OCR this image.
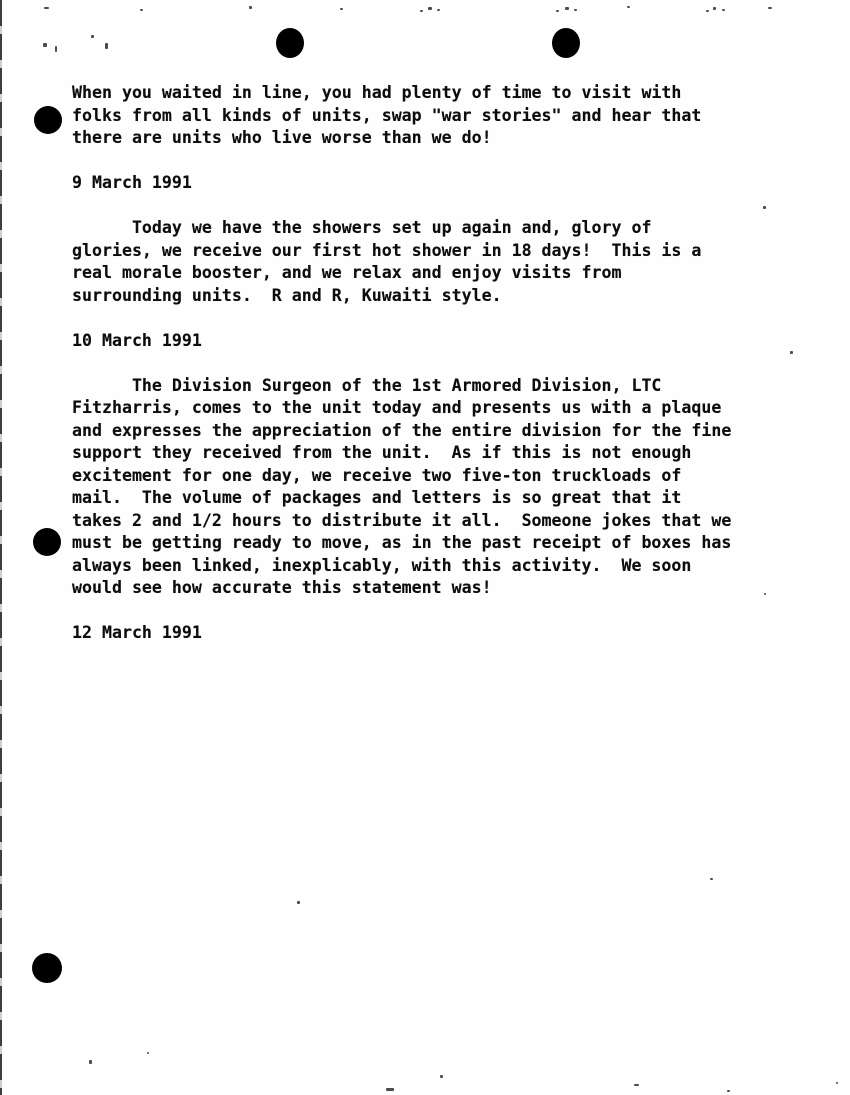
When you waited in line, you had plenty of time to visit with
folks from all kinds of units, swap "war stories" and hear that
there are units who live worse than we do!
9 March 1991
Today we have the showers set up again and, glory of
glories, we receive our first hot shower in 18 days!  This is a
real morale booster, and we relax and enjoy visits from
surrounding units.  R and R, Kuwaiti style.
10 March 1991
The Division Surgeon of the 1st Armored Division, LTC
Fitzharris, comes to the unit today and presents us with a plaque
and expresses the appreciation of the entire division for the fine
support they received from the unit.  As if this is not enough
excitement for one day, we receive two five-ton truckloads of
mail.  The volume of packages and letters is so great that it
takes 2 and 1/2 hours to distribute it all.  Someone jokes that we
must be getting ready to move, as in the past receipt of boxes has
always been linked, inexplicably, with this activity.  We soon
would see how accurate this statement was!
12 March 1991
